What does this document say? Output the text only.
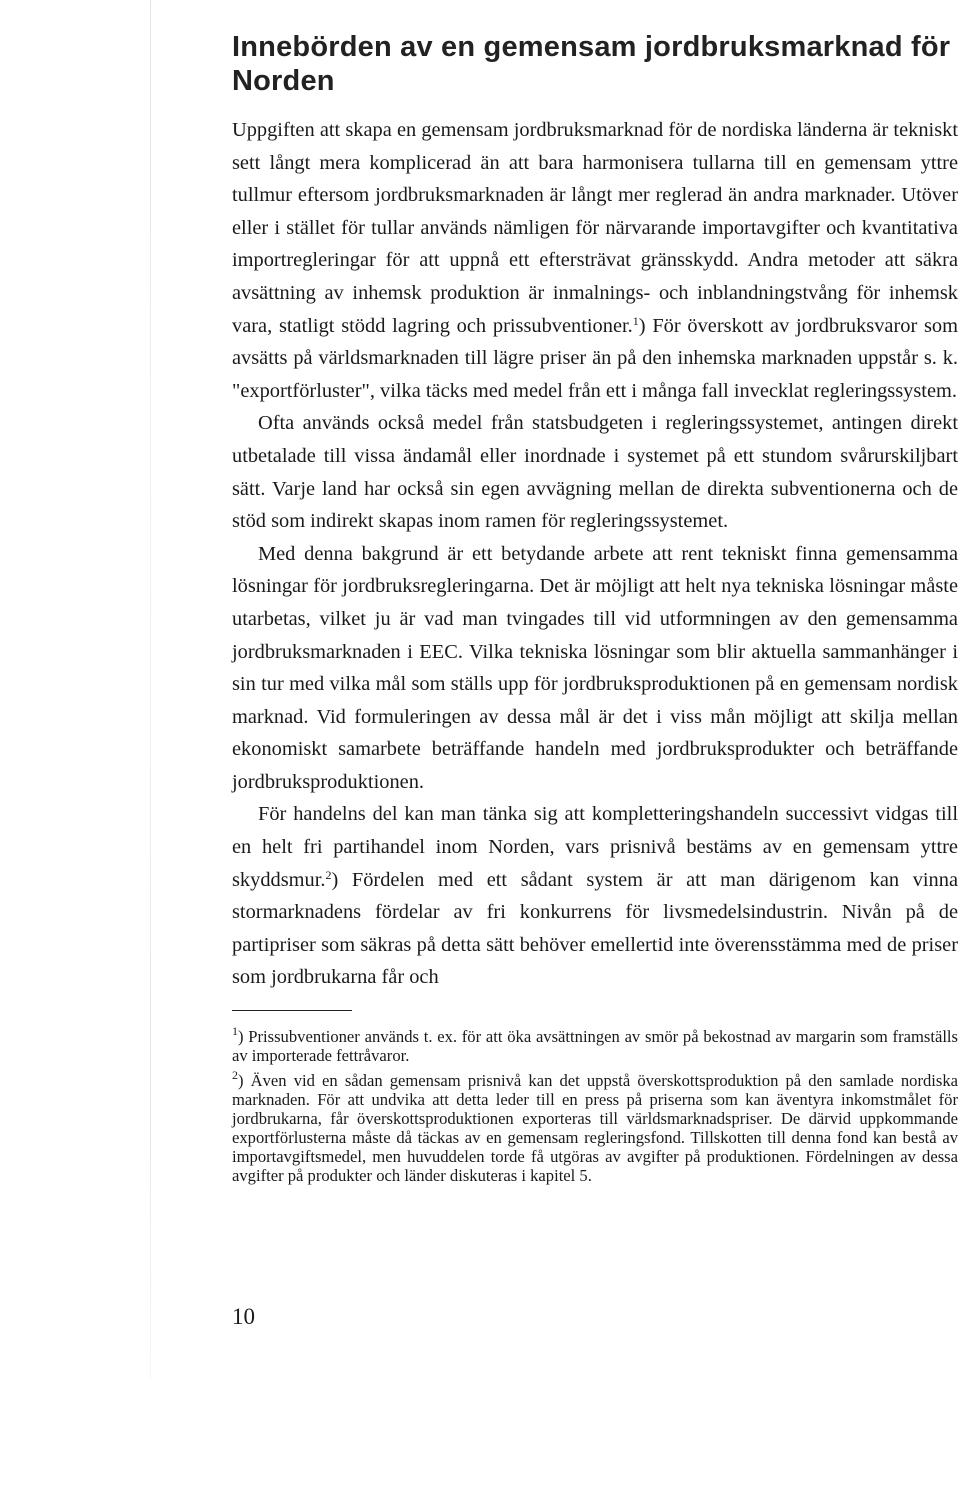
Innebörden av en gemensam jordbruksmarknad för Norden

Uppgiften att skapa en gemensam jordbruksmarknad för de nordiska länderna är tekniskt sett långt mera komplicerad än att bara harmonisera tullarna till en gemensam yttre tullmur eftersom jordbruksmarknaden är långt mer reglerad än andra marknader. Utöver eller i stället för tullar används nämligen för närvarande importavgifter och kvantitativa importregleringar för att uppnå ett eftersträvat gränsskydd. Andra metoder att säkra avsättning av inhemsk produktion är inmalnings- och inblandningstvång för inhemsk vara, statligt stödd lagring och prissubventioner.$^1$) För överskott av jordbruksvaror som avsätts på världsmarknaden till lägre priser än på den inhemska marknaden uppstår s. k. "exportförluster", vilka täcks med medel från ett i många fall invecklat regleringssystem.

Ofta används också medel från statsbudgeten i regleringssystemet, antingen direkt utbetalade till vissa ändamål eller inordnade i systemet på ett stundom svårurskiljbart sätt. Varje land har också sin egen avvägning mellan de direkta subventionerna och de stöd som indirekt skapas inom ramen för regleringssystemet.

Med denna bakgrund är ett betydande arbete att rent tekniskt finna gemensamma lösningar för jordbruksregleringarna. Det är möjligt att helt nya tekniska lösningar måste utarbetas, vilket ju är vad man tvingades till vid utformningen av den gemensamma jordbruksmarknaden i EEC. Vilka tekniska lösningar som blir aktuella sammanhänger i sin tur med vilka mål som ställs upp för jordbruksproduktionen på en gemensam nordisk marknad. Vid formuleringen av dessa mål är det i viss mån möjligt att skilja mellan ekonomiskt samarbete beträffande handeln med jordbruksprodukter och beträffande jordbruksproduktionen.

För handelns del kan man tänka sig att kompletteringshandeln successivt vidgas till en helt fri partihandel inom Norden, vars prisnivå bestäms av en gemensam yttre skyddsmur.$^2$) Fördelen med ett sådant system är att man därigenom kan vinna stormarknadens fördelar av fri konkurrens för livsmedelsindustrin. Nivån på de partipriser som säkras på detta sätt behöver emellertid inte överensstämma med de priser som jordbrukarna får och

$^1$) Prissubventioner används t. ex. för att öka avsättningen av smör på bekostnad av margarin som framställs av importerade fettråvaror.

$^2$) Även vid en sådan gemensam prisnivå kan det uppstå överskottsproduktion på den samlade nordiska marknaden. För att undvika att detta leder till en press på priserna som kan äventyra inkomstmålet för jordbrukarna, får överskottsproduktionen exporteras till världsmarknadspriser. De därvid uppkommande exportförlusterna måste då täckas av en gemensam regleringsfond. Tillskotten till denna fond kan bestå av importavgiftsmedel, men huvuddelen torde få utgöras av avgifter på produktionen. Fördelningen av dessa avgifter på produkter och länder diskuteras i kapitel 5.

10
